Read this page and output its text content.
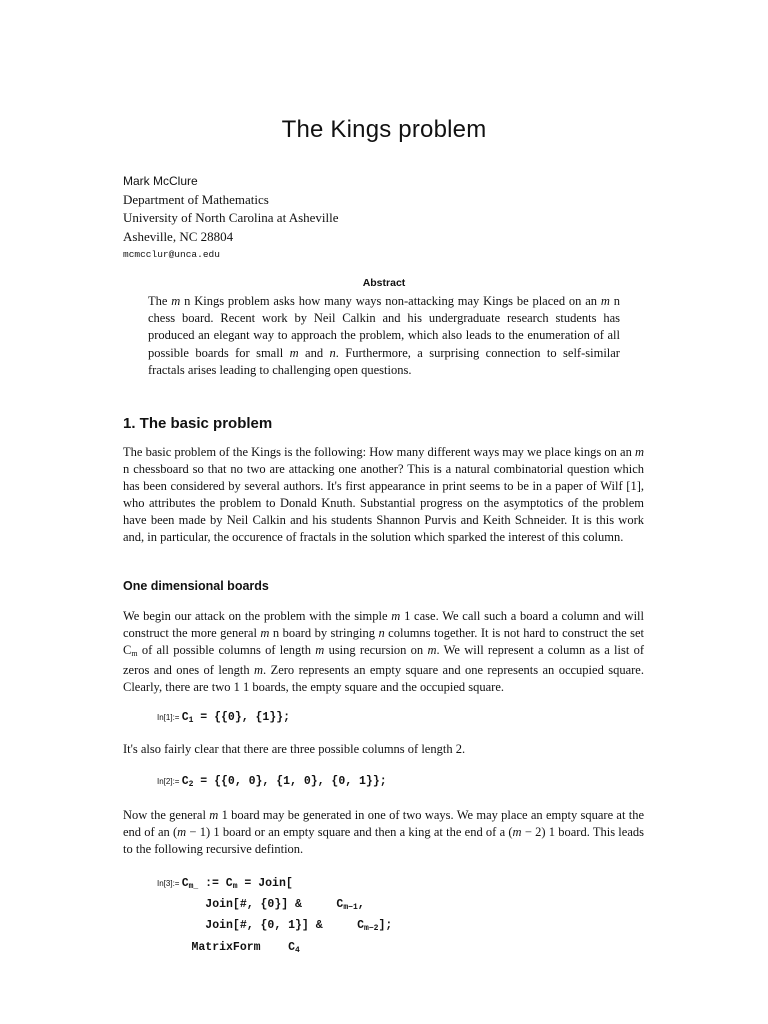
The Kings problem
Mark McClure
Department of Mathematics
University of North Carolina at Asheville
Asheville, NC 28804
mcmcclur@unca.edu
Abstract
The m n Kings problem asks how many ways non-attacking may Kings be placed on an m n chess board. Recent work by Neil Calkin and his undergraduate research students has produced an elegant way to approach the problem, which also leads to the enumeration of all possible boards for small m and n. Furthermore, a surprising connection to self-similar fractals arises leading to challenging open questions.
1. The basic problem
The basic problem of the Kings is the following: How many different ways may we place kings on an m n chessboard so that no two are attacking one another? This is a natural combinatorial question which has been considered by several authors. It's first appearance in print seems to be in a paper of Wilf [1], who attributes the problem to Donald Knuth. Substantial progress on the asymptotics of the problem have been made by Neil Calkin and his students Shannon Purvis and Keith Schneider. It is this work and, in particular, the occurence of fractals in the solution which sparked the interest of this column.
One dimensional boards
We begin our attack on the problem with the simple m 1 case. We call such a board a column and will construct the more general m n board by stringing n columns together. It is not hard to construct the set $C_m$ of all possible columns of length m using recursion on m. We will represent a column as a list of zeros and ones of length m. Zero represents an empty square and one represents an occupied square. Clearly, there are two 1 1 boards, the empty square and the occupied square.
In[1]:= $C_1 = \{\{0\}$, {1}};
It's also fairly clear that there are three possible columns of length 2.
In[2]:= $C_2 = \{\{0$, 0}, {1, 0}, {0, 1}};
Now the general m 1 board may be generated in one of two ways. We may place an empty square at the end of an (m − 1) 1 board or an empty square and then a king at the end of a (m − 2) 1 board. This leads to the following recursive defintion.
In[3]:= $C_{m\_}$ := $C_m$ = Join[
Join[#, {0}] &     $C_{m-1}$,
Join[#, {0, 1}] &     $C_{m-2}$];
MatrixForm    $C_4$
